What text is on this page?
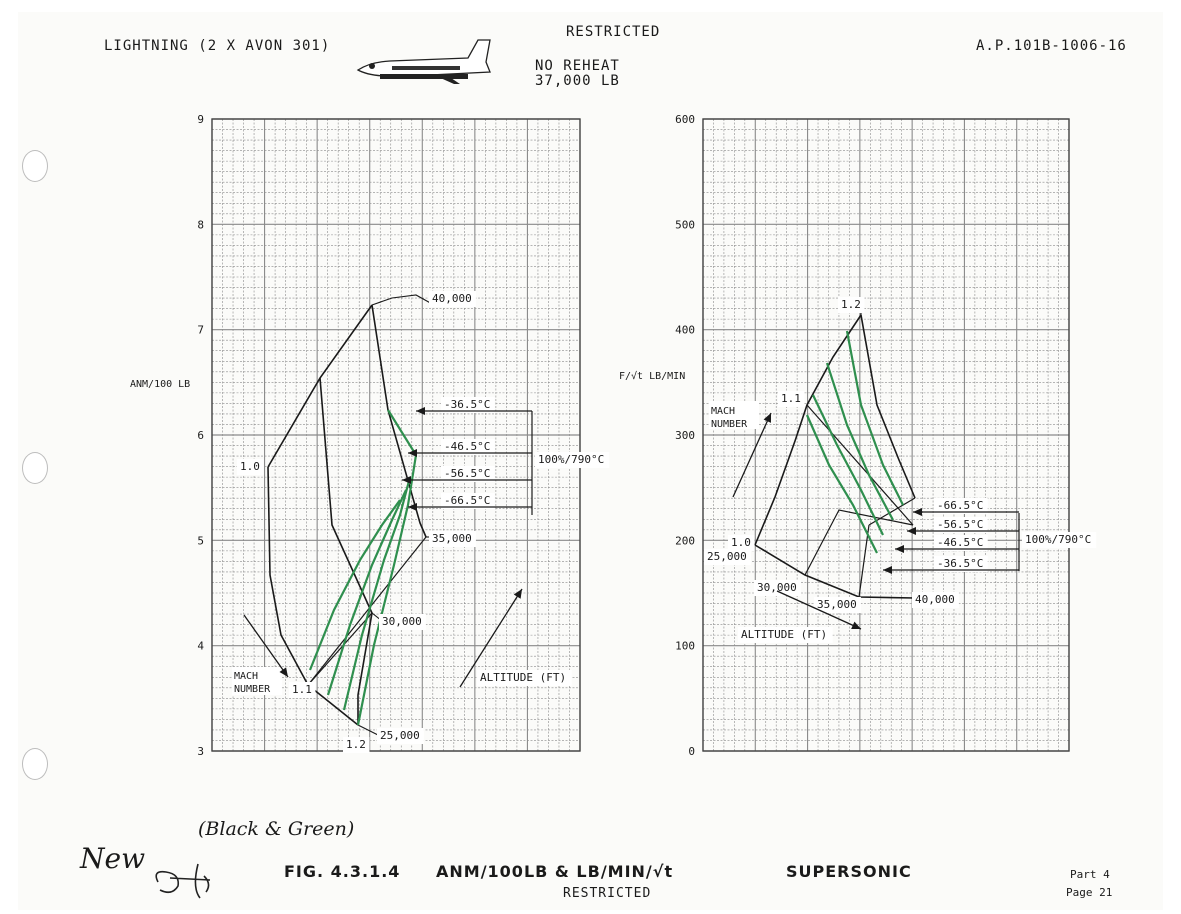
LIGHTNING (2 X AVON 301)
RESTRICTED
NO REHEAT
37,000 LB
A.P.101B-1006-16
3
4
5
6
7
8
9
ANM/100 LB
-36.5°C
-46.5°C
-56.5°C
-66.5°C
100%/790°C
40,000
35,000
30,000
25,000
1.0
1.1
1.2
MACH
NUMBER
ALTITUDE (FT)
0
100
200
300
400
500
600
F/√t LB/MIN
-66.5°C
-56.5°C
-46.5°C
-36.5°C
100%/790°C
1.0
25,000
1.1
1.2
30,000
35,000	40,000
MACH
NUMBER
ALTITUDE (FT)
(Black & Green)
New	FIG. 4.3.1.4 ANM/100LB & LB/MIN/√t	SUPERSONIC
RESTRICTED
Part 4
Page 21
